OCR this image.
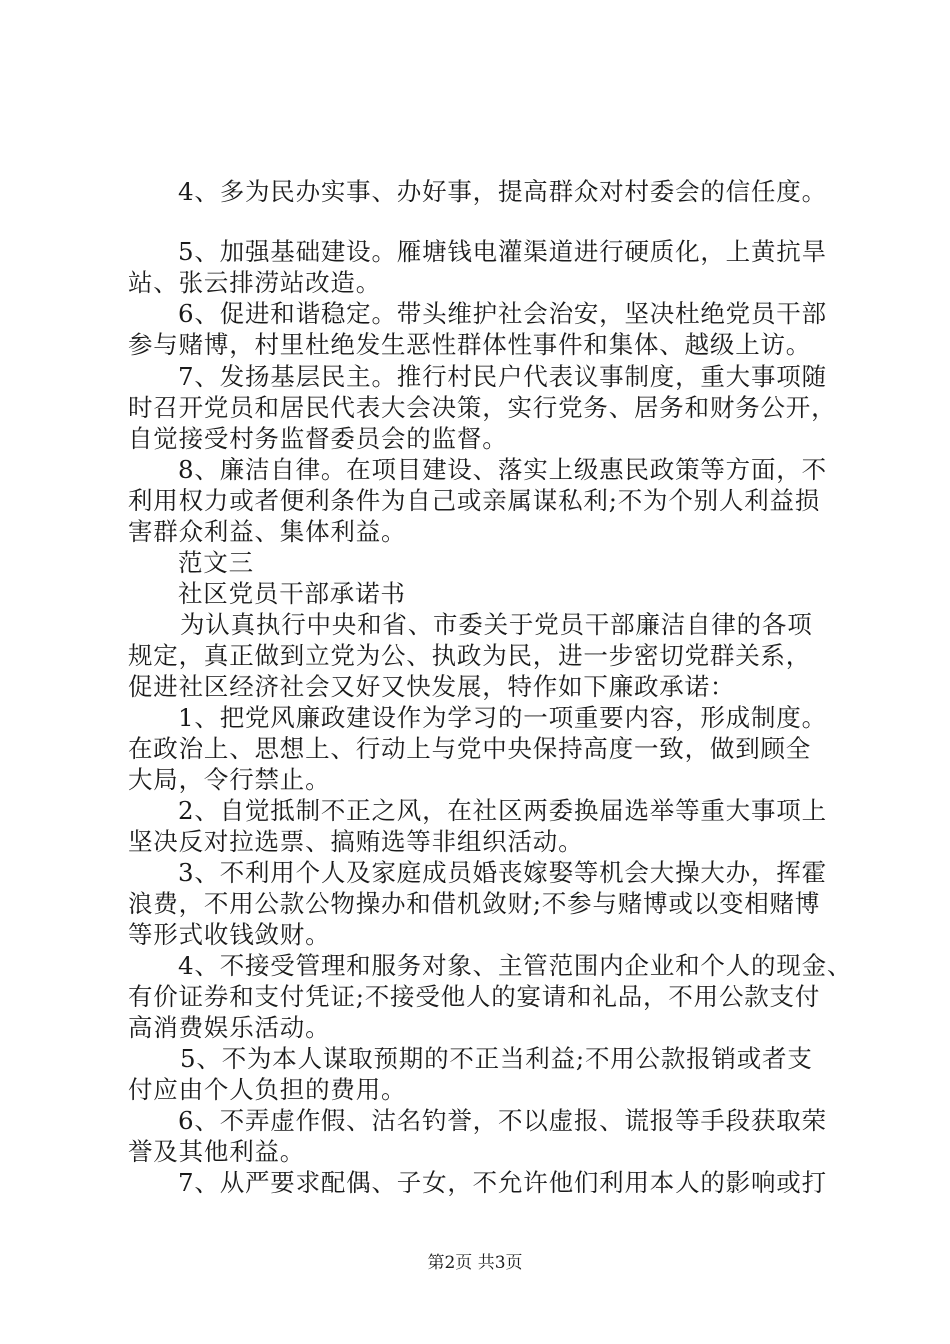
4、多为民办实事、办好事，提高群众对村委会的信任度。
5、加强基础建设。雁塘钱电灌渠道进行硬质化，上黄抗旱
站、张云排涝站改造。
6、促进和谐稳定。带头维护社会治安，坚决杜绝党员干部
参与赌博，村里杜绝发生恶性群体性事件和集体、越级上访。
7、发扬基层民主。推行村民户代表议事制度，重大事项随
时召开党员和居民代表大会决策，实行党务、居务和财务公开，
自觉接受村务监督委员会的监督。
8、廉洁自律。在项目建设、落实上级惠民政策等方面，不
利用权力或者便利条件为自己或亲属谋私利;不为个别人利益损
害群众利益、集体利益。
范文三
社区党员干部承诺书
为认真执行中央和省、市委关于党员干部廉洁自律的各项
规定，真正做到立党为公、执政为民，进一步密切党群关系，
促进社区经济社会又好又快发展，特作如下廉政承诺：
1、把党风廉政建设作为学习的一项重要内容，形成制度。
在政治上、思想上、行动上与党中央保持高度一致，做到顾全
大局，令行禁止。
2、自觉抵制不正之风，在社区两委换届选举等重大事项上
坚决反对拉选票、搞贿选等非组织活动。
3、不利用个人及家庭成员婚丧嫁娶等机会大操大办，挥霍
浪费，不用公款公物操办和借机敛财;不参与赌博或以变相赌博
等形式收钱敛财。
4、不接受管理和服务对象、主管范围内企业和个人的现金、
有价证券和支付凭证;不接受他人的宴请和礼品，不用公款支付
高消费娱乐活动。
5、不为本人谋取预期的不正当利益;不用公款报销或者支
付应由个人负担的费用。
6、不弄虚作假、沽名钓誉，不以虚报、谎报等手段获取荣
誉及其他利益。
7、从严要求配偶、子女，不允许他们利用本人的影响或打
第2页 共3页
